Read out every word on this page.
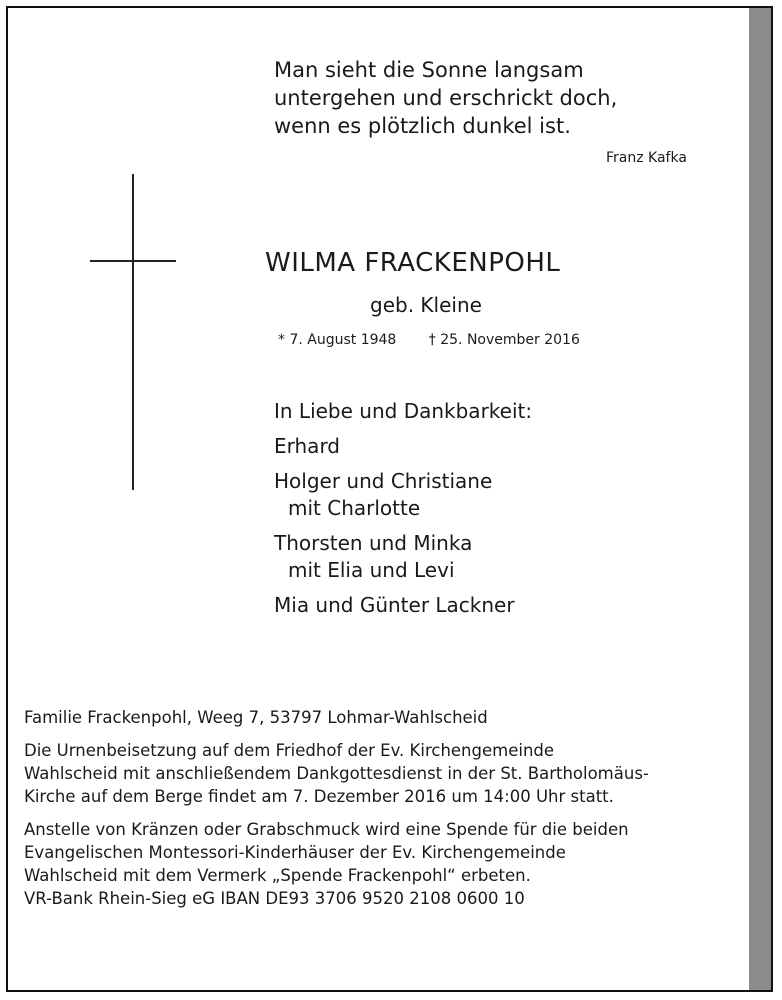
Man sieht die Sonne langsam
untergehen und erschrickt doch,
wenn es plötzlich dunkel ist.
Franz Kafka
WILMA FRACKENPOHL
geb. Kleine
* 7. August 1948 † 25. November 2016
In Liebe und Dankbarkeit:
Erhard
Holger und Christiane
mit Charlotte
Thorsten und Minka
mit Elia und Levi
Mia und Günter Lackner

Familie Frackenpohl, Weeg 7, 53797 Lohmar-Wahlscheid

Die Urnenbeisetzung auf dem Friedhof der Ev. Kirchengemeinde
Wahlscheid mit anschließendem Dankgottesdienst in der St. Bartholomäus-
Kirche auf dem Berge findet am 7. Dezember 2016 um 14:00 Uhr statt.

Anstelle von Kränzen oder Grabschmuck wird eine Spende für die beiden
Evangelischen Montessori-Kinderhäuser der Ev. Kirchengemeinde
Wahlscheid mit dem Vermerk „Spende Frackenpohl“ erbeten.
VR-Bank Rhein-Sieg eG IBAN DE93 3706 9520 2108 0600 10
